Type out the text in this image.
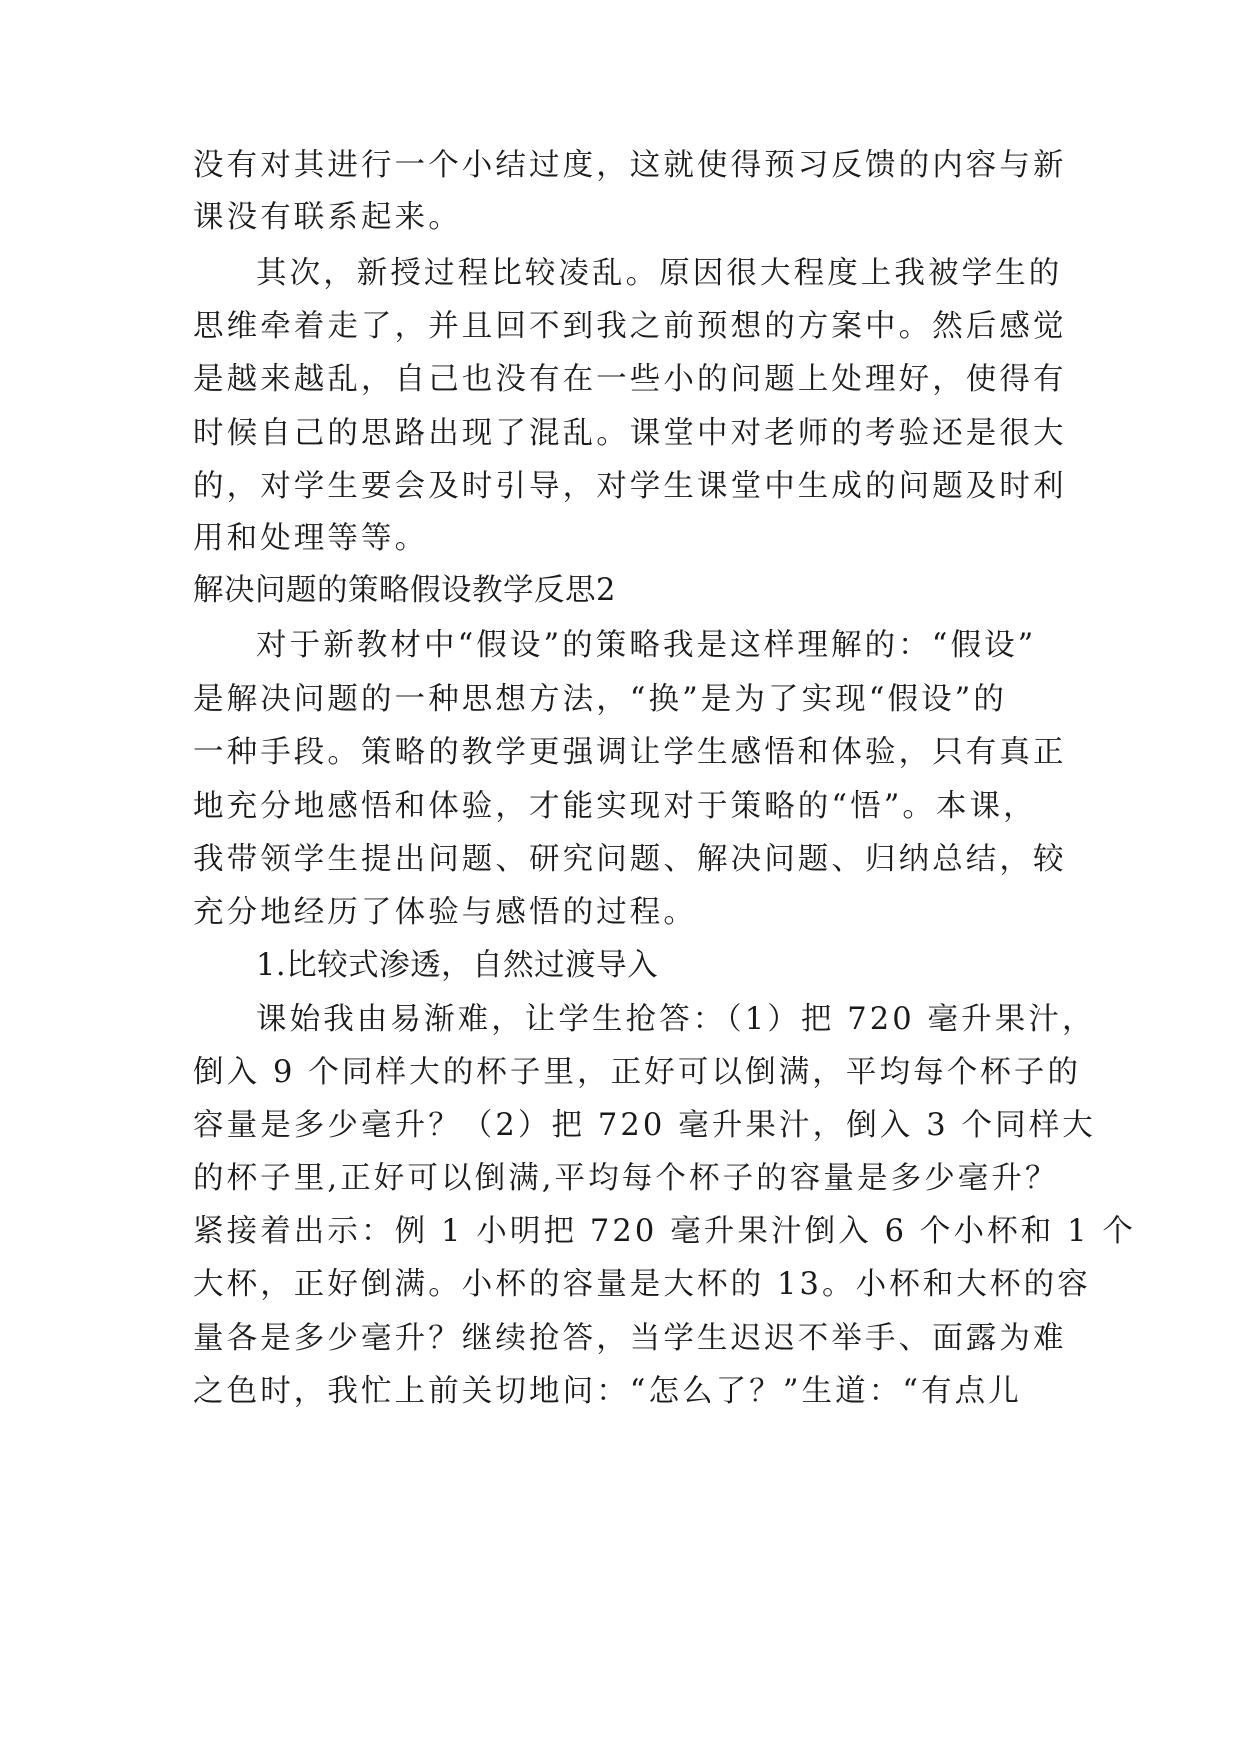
没有对其进行一个小结过度，这就使得预习反馈的内容与新
课没有联系起来。
其次，新授过程比较凌乱。原因很大程度上我被学生的
思维牵着走了，并且回不到我之前预想的方案中。然后感觉
是越来越乱，自己也没有在一些小的问题上处理好，使得有
时候自己的思路出现了混乱。课堂中对老师的考验还是很大
的，对学生要会及时引导，对学生课堂中生成的问题及时利
用和处理等等。
解决问题的策略假设教学反思2
对于新教材中“假设”的策略我是这样理解的：“假设”
是解决问题的一种思想方法，“换”是为了实现“假设”的
一种手段。策略的教学更强调让学生感悟和体验，只有真正
地充分地感悟和体验，才能实现对于策略的“悟”。本课，
我带领学生提出问题、研究问题、解决问题、归纳总结，较
充分地经历了体验与感悟的过程。
1.比较式渗透，自然过渡导入
课始我由易渐难，让学生抢答：（1）把 720 毫升果汁，
倒入 9 个同样大的杯子里，正好可以倒满，平均每个杯子的
容量是多少毫升？（2）把 720 毫升果汁，倒入 3 个同样大
的杯子里,正好可以倒满,平均每个杯子的容量是多少毫升？
紧接着出示：例 1 小明把 720 毫升果汁倒入 6 个小杯和 1 个
大杯，正好倒满。小杯的容量是大杯的 13。小杯和大杯的容
量各是多少毫升？继续抢答，当学生迟迟不举手、面露为难
之色时，我忙上前关切地问：“怎么了？”生道：“有点儿
